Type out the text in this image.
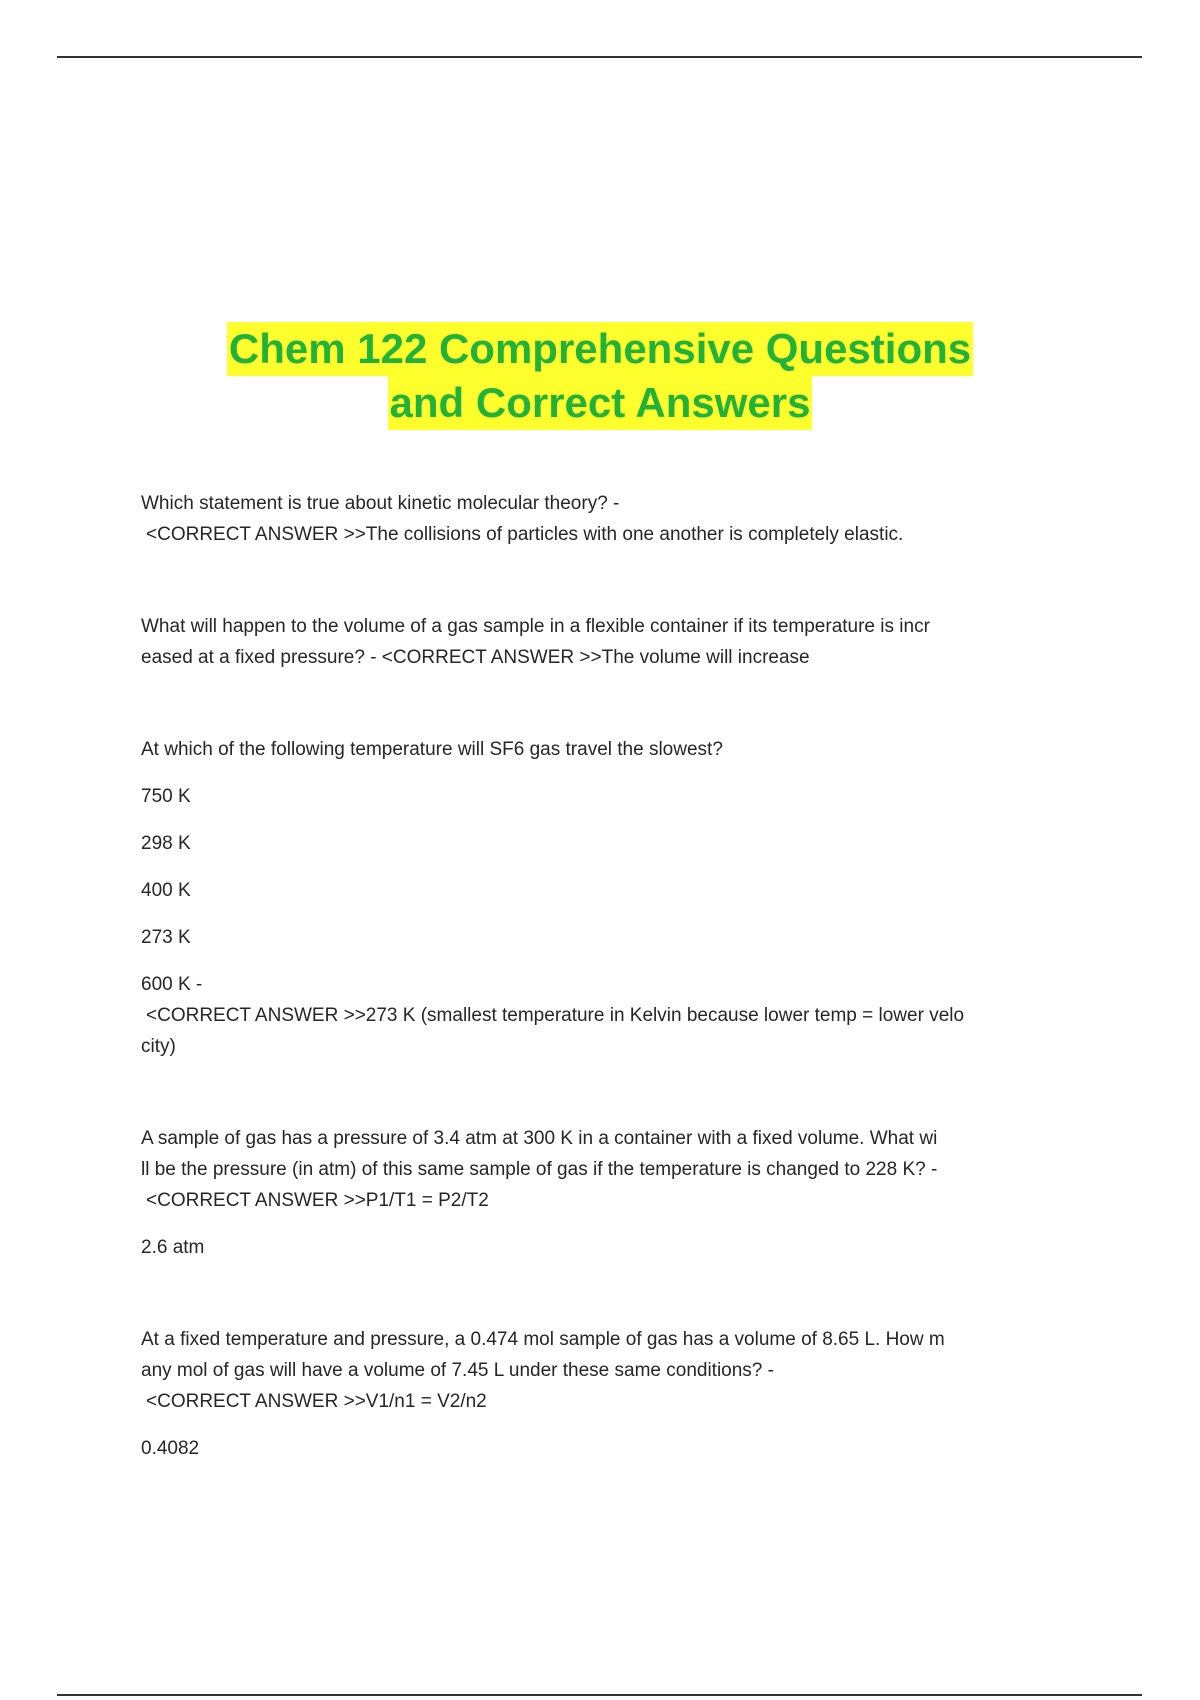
Chem 122 Comprehensive Questions
and Correct Answers

Which statement is true about kinetic molecular theory? -

<CORRECT ANSWER >>The collisions of particles with one another is completely elastic.

What will happen to the volume of a gas sample in a flexible container if its temperature is incr

eased at a fixed pressure? - <CORRECT ANSWER >>The volume will increase

At which of the following temperature will SF6 gas travel the slowest?

750 K

298 K

400 K

273 K

600 K -

<CORRECT ANSWER >>273 K (smallest temperature in Kelvin because lower temp = lower velo

city)

A sample of gas has a pressure of 3.4 atm at 300 K in a container with a fixed volume. What wi

ll be the pressure (in atm) of this same sample of gas if the temperature is changed to 228 K? -

<CORRECT ANSWER >>P1/T1 = P2/T2

2.6 atm

At a fixed temperature and pressure, a 0.474 mol sample of gas has a volume of 8.65 L. How m

any mol of gas will have a volume of 7.45 L under these same conditions? -

<CORRECT ANSWER >>V1/n1 = V2/n2

0.4082
